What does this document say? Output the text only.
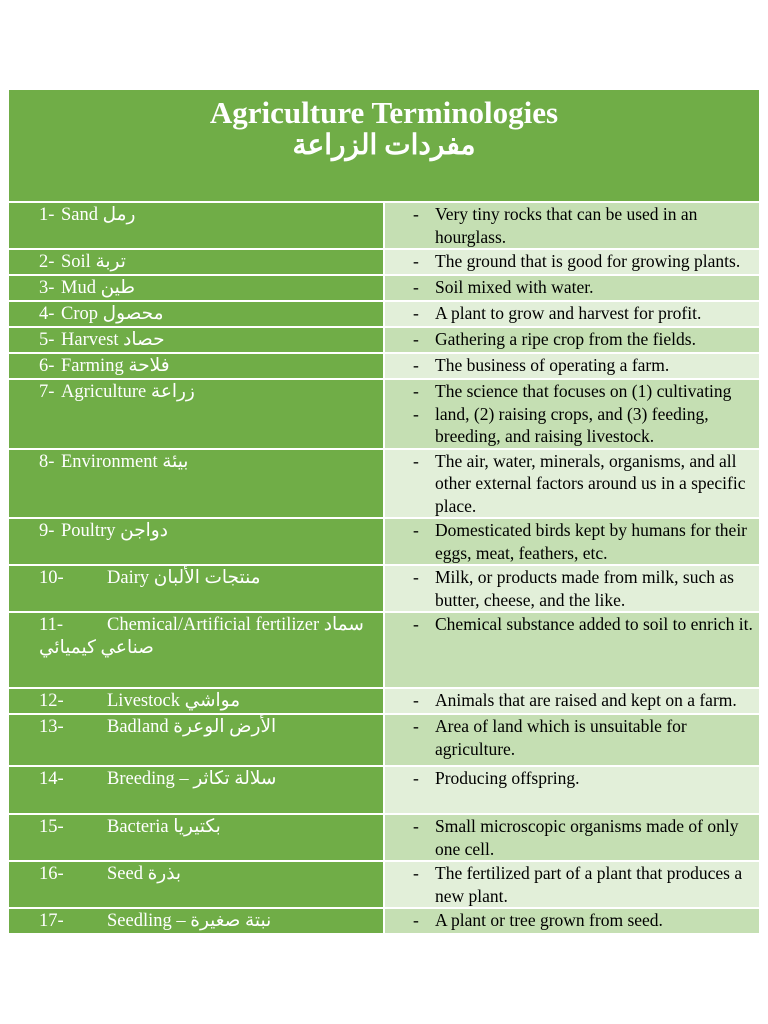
Agriculture Terminologies
مفردات الزراعة	

1- Sand رمل	- Very tiny rocks that can be used in an hourglass.

2- Soil تربة	- The ground that is good for growing plants.

3- Mud طين	- Soil mixed with water.

4- Crop محصول	- A plant to grow and harvest for profit.

5- Harvest حصاد	- Gathering a ripe crop from the fields.

6- Farming فلاحة	- The business of operating a farm.

7- Agriculture زراعة	- The science that focuses on (1) cultivating
- land, (2) raising crops, and (3) feeding, breeding, and raising livestock.

8- Environment بيئة	- The air, water, minerals, organisms, and all other external factors around us in a specific place.

9- Poultry دواجن	- Domesticated birds kept by humans for their eggs, meat, feathers, etc.

10- Dairy منتجات الألبان	- Milk, or products made from milk, such as butter, cheese, and the like.

11- Chemical/Artificial fertilizer سماد صناعي كيميائي	- Chemical substance added to soil to enrich it.

12- Livestock مواشي	- Animals that are raised and kept on a farm.

13- Badland الأرض الوعرة	- Area of land which is unsuitable for agriculture.

14- Breeding – سلالة تكاثر	- Producing offspring.

15- Bacteria بكتيريا	- Small microscopic organisms made of only one cell.

16- Seed بذرة	- The fertilized part of a plant that produces a new plant.

17- Seedling – نبتة صغيرة	- A plant or tree grown from seed.
